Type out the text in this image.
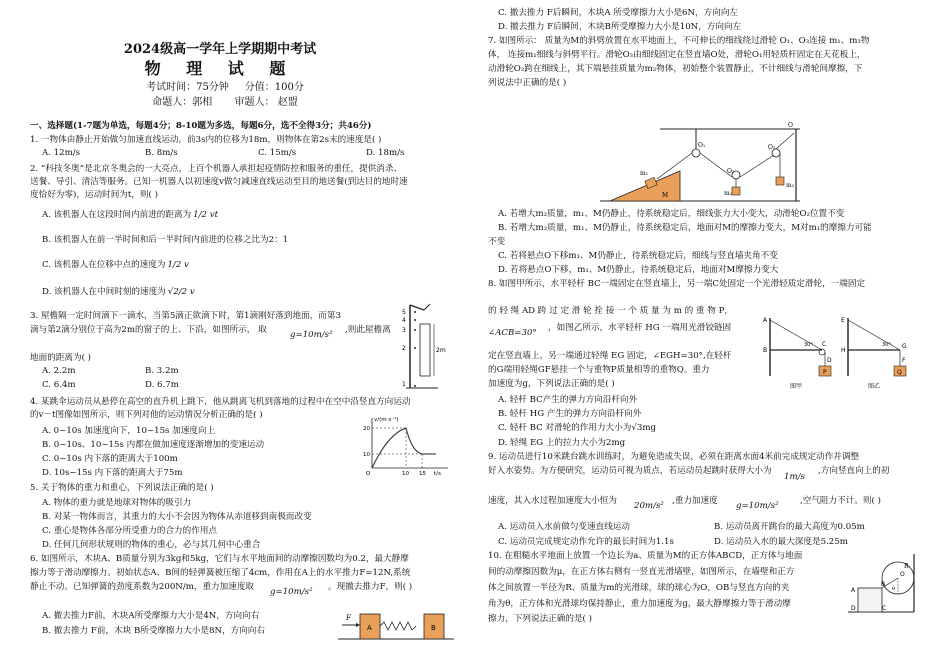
2024级高一学年上学期期中考试
物 理 试 题
考试时间：75分钟 分值：100分
命题人：郭相 审题人： 赵盟
一、选择题(1-7题为单选，每题4分；8-10题为多选，每题6分，选不全得3分；共46分)
1. 一物体由静止开始做匀加速直线运动，前3s内的位移为18m，则物体在第2s末的速度是( )
A. 12m/s	B. 8m/s	C. 15m/s	D. 18m/s
2. “科技冬奥”是北京冬奥会的一大亮点，上百个机器人承担起疫情防控和服务的重任，提供消杀、
送餐、导引、清洁等服务。已知一机器人以初速度v做匀减速直线运动至目的地送餐(到达目的地时速
度恰好为零)，运动时间为t，则( )
A. 该机器人在这段时间内前进的距离为 1/2 vt
B. 该机器人在前一半时间和后一半时间内前进的位移之比为2：1
C. 该机器人在位移中点的速度为 1/2 v
D. 该机器人在中间时刻的速度为 √2/2 v
3. 屋檐隔一定时间滴下一滴水，当第5滴正欲滴下时，第1滴刚好落到地面，而第3
滴与第2滴分别位于高为2m的窗子的上、下沿，如图所示， 取	g=10m/s² ,则此屋檐离
地面的距离为( )
A. 2.2m	B. 3.2m
C. 6.4m	D. 6.7m
5
4
3
2
1
2m
4. 某跳伞运动员从悬停在高空的直升机上跳下，他从跳离飞机到落地的过程中在空中沿竖直方向运动
的v－t图像如图所示，则下列对他的运动情况分析正确的是( )
A. 0~10s 加速度向下，10~15s 加速度向上
B. 0~10s、10~15s 内都在做加速度逐渐增加的变速运动
C. 0~10s 内下落的距离大于100m
D. 10s~15s 内下落的距离大于75m
v/(m·s⁻¹)
20
10
O	10 15 t/s
5. 关于物体的重力和重心，下列说法正确的是( )
A. 物体的重力就是地球对物体的吸引力
B. 对某一物体而言，其重力的大小不会因为物体从赤道移到南极而改变
C. 重心是物体各部分所受重力的合力的作用点
D. 任何几何形状规则的物体的重心，必与其几何中心重合
6. 如图所示，木块A、B质量分别为3kg和5kg，它们与水平地面间的动摩擦因数均为0.2，最大静摩
擦力等于滑动摩擦力。初始状态A、B间的轻弹簧被压缩了4cm，作用在A上的水平推力F=12N,系统
静止不动。已知弹簧的劲度系数为200N/m，重力加速度取 g=10m/s² 。现撤去推力F，则( )
A. 撤去推力F前，木块A所受摩擦力大小是4N，方向向右
B. 撤去推力 F前，木块 B所受摩擦力大小是8N，方向向右
F
A	B
C. 撤去推力 F后瞬间，木块A 所受摩擦力大小是6N，方向向左
D. 撤去推力 F后瞬间，木块B所受摩擦力大小是10N，方向向左
7. 如图所示： 质量为M的斜劈放置在水平地面上，不可伸长的细线绕过滑轮 O₁、O₃连接 m₁、m₃物
体， 连接m₁细线与斜劈平行。滑轮O₃由细线固定在竖直墙O处，滑轮O₁用轻质杆固定在天花板上，
动滑轮O₂跨在细线上，其下端悬挂质量为m₂物体，初始整个装置静止，不计细线与滑轮间摩擦，下
列说法中正确的是( )
O₁
O₂
O₃
O
m₁
m₂
m₃
M
A. 若增大m₂质量，m₁、M仍静止，待系统稳定后，细线张力大小变大，动滑轮O₂位置不变
B. 若增大m₂质量，m₁、M仍静止，待系统稳定后，地面对M的摩擦力变大，M对m₁的摩擦力可能
不变
C. 若将悬点O下移m₁、M仍静止，待系统稳定后，细线与竖直墙夹角不变
D. 若将悬点O下移，m₁、M仍静止，待系统稳定后，地面对M摩擦力变大
8. 如图甲所示，水平轻杆 BC一端固定在竖直墙上，另一端C处固定一个光滑轻质定滑轮，一端固定
的 轻 绳 AD 跨 过 定 滑 轮 拴 接 一 个 质 量 为 m 的 重 物 P，
∠ACB=30° ，如图乙所示，水平轻杆 HG 一端用光滑铰链固
定在竖直墙上，另一端通过轻绳 EG 固定，∠EGH=30°,在轻杆
的G端用轻绳GF悬挂一个与重物P质量相等的重物Q。重力
加速度为g，下列说法正确的是( )
A. 轻杆 BC产生的弹力方向沿杆向外
B. 轻杆 HG 产生的弹力方向沿杆向外
C. 轻杆 BC 对滑轮的作用力大小为√3mg
D. 轻绳 EG 上的拉力大小为2mg
A
B
C
D
P
30°
E
H
G
F
Q
30°
图甲	图乙
9. 运动员进行10米跳台跳水训练时，为避免造成失误，必须在距离水面4米前完成规定动作并调整
好入水姿势。为方便研究，运动员可视为质点，若运动员起跳时获得大小为
1m/s
,方向竖直向上的初
速度，其入水过程加速度大小恒为 20m/s² ,重力加速度 g=10m/s² ,空气阻力不计。则( )
A. 运动员入水前做匀变速直线运动	B. 运动员离开跳台的最大高度为0.05m
C. 运动员完成规定动作允许的最长时间为1.1s	D. 运动员入水的最大深度是5.25m
10. 在粗糙水平地面上放置一个边长为a、质量为M的正方体ABCD，正方体与地面
间的动摩擦因数为μ，在正方体右侧有一竖直光滑墙壁，如图所示，在墙壁和正方
体之间放置一半径为R、质量为m的光滑球，球的球心为O，OB与竖直方向的夹
角为θ，正方体和光滑球均保持静止，重力加速度为g，最大静摩擦力等于滑动摩
擦力，下列说法正确的是( )
A
B
C
D
O
θ
R
